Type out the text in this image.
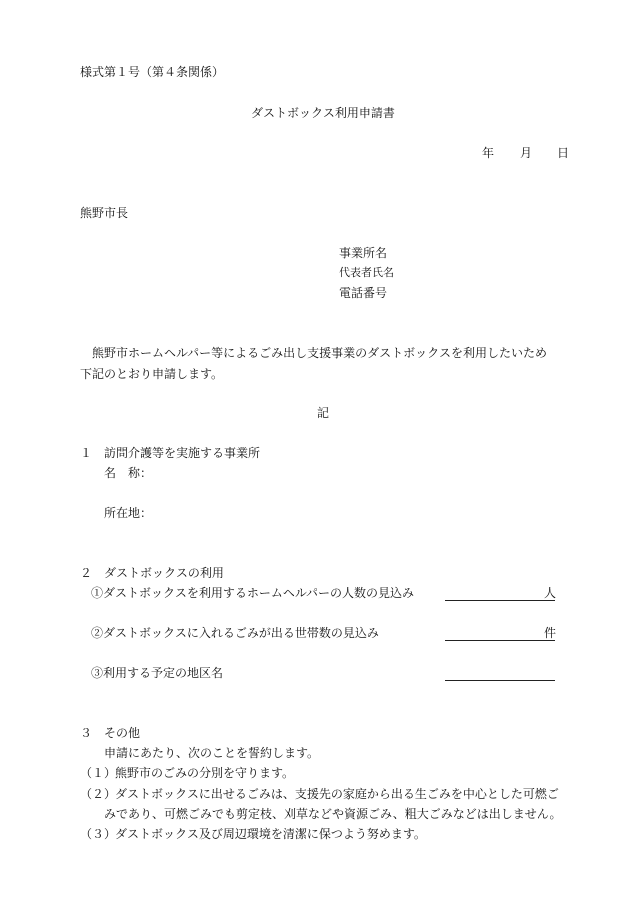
様式第１号（第４条関係）
ダストボックス利用申請書
年 月 日
熊野市長
事業所名
代表者氏名
電話番号
熊野市ホームヘルパー等によるごみ出し支援事業のダストボックスを利用したいため
下記のとおり申請します。
記
１ 訪問介護等を実施する事業所
名　称：
所在地：
２ ダストボックスの利用
①ダストボックスを利用するホームヘルパーの人数の見込み	人
②ダストボックスに入れるごみが出る世帯数の見込み	件
③利用する予定の地区名
３ その他
申請にあたり、次のことを誓約します。
（１）
熊野市のごみの分別を守ります。
（２）
ダストボックスに出せるごみは、支援先の家庭から出る生ごみを中心とした可燃ご
みであり、可燃ごみでも剪定枝、刈草などや資源ごみ、粗大ごみなどは出しません。
（３）
ダストボックス及び周辺環境を清潔に保つよう努めます。
